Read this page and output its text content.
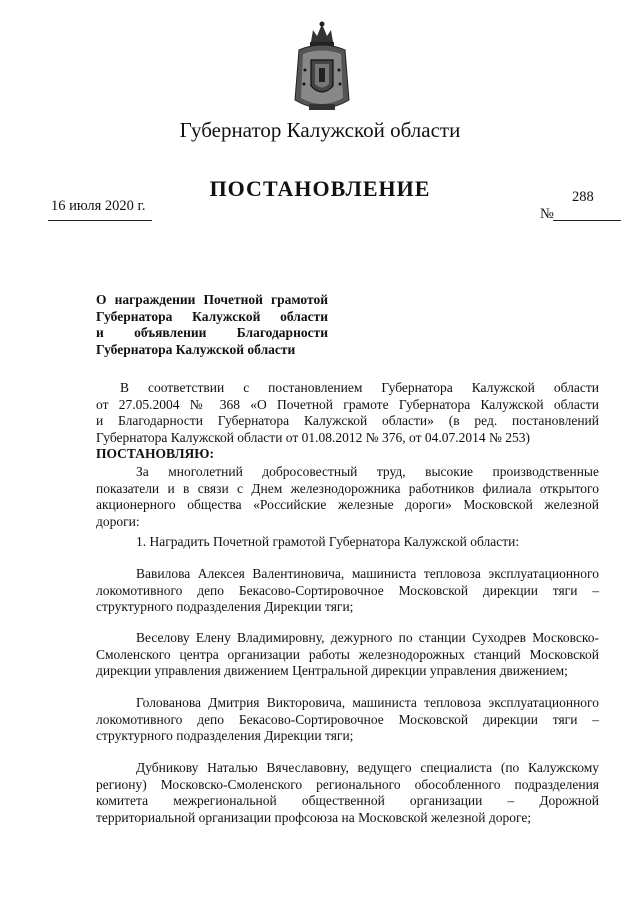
Губернатор Калужской области
ПОСТАНОВЛЕНИЕ
16 июля 2020 г.	№
288
О награждении Почетной грамотой
Губернатора Калужской области
и объявлении Благодарности
Губернатора Калужской области
В соответствии с постановлением Губернатора Калужской области
от 27.05.2004 № 368 «О Почетной грамоте Губернатора Калужской области
и Благодарности Губернатора Калужской области» (в ред. постановлений
Губернатора Калужской области от 01.08.2012 № 376, от 04.07.2014 № 253)
ПОСТАНОВЛЯЮ:
За многолетний добросовестный труд, высокие производственные
показатели и в связи с Днем железнодорожника работников филиала открытого
акционерного общества «Российские железные дороги» Московской железной
дороги:
1. Наградить Почетной грамотой Губернатора Калужской области:
Вавилова Алексея Валентиновича, машиниста тепловоза эксплуатационного
локомотивного депо Бекасово-Сортировочное Московской дирекции тяги –
структурного подразделения Дирекции тяги;
Веселову Елену Владимировну, дежурного по станции Суходрев Московско-
Смоленского центра организации работы железнодорожных станций Московской
дирекции управления движением Центральной дирекции управления движением;
Голованова Дмитрия Викторовича, машиниста тепловоза эксплуатационного
локомотивного депо Бекасово-Сортировочное Московской дирекции тяги –
структурного подразделения Дирекции тяги;
Дубникову Наталью Вячеславовну, ведущего специалиста (по Калужскому
региону) Московско-Смоленского регионального обособленного подразделения
комитета межрегиональной общественной организации – Дорожной
территориальной организации профсоюза на Московской железной дороге;
